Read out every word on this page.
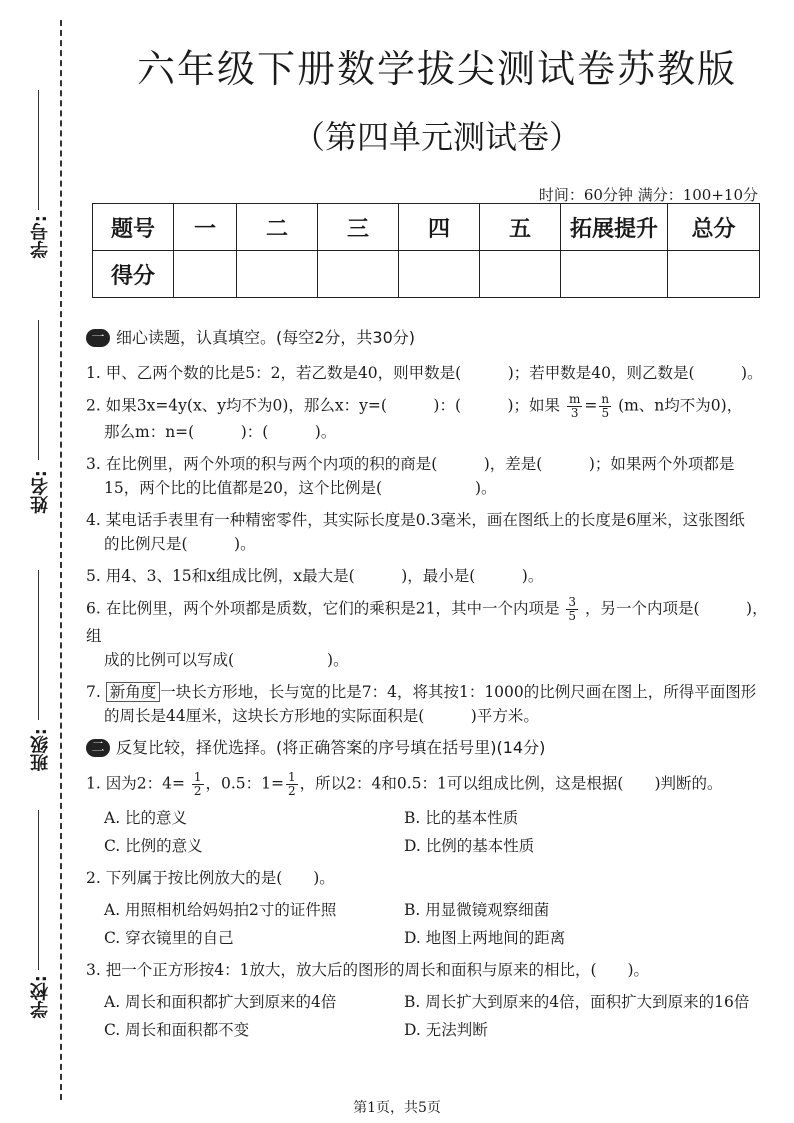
学号:
姓名:
班级:
学校:
六年级下册数学拔尖测试卷苏教版
（第四单元测试卷）
时间：60分钟 满分：100+10分
题号	一	二	三	四	五	拓展提升	总分
得分							
一 细心读题，认真填空。(每空2分，共30分)
1. 甲、乙两个数的比是5：2，若乙数是40，则甲数是(　　　)；若甲数是40，则乙数是(　　　)。
2. 如果3x=4y(x、y均不为0)，那么x：y=(　　　)：(　　　)；如果 $\frac{m}{3} = \frac{n}{5} (m$、n均不为0)，
那么m：n=(　　　)：(　　　)。
3. 在比例里，两个外项的积与两个内项的积的商是(　　　)，差是(　　　)；如果两个外项都是
15，两个比的比值都是20，这个比例是(　　　　　　)。
4. 某电话手表里有一种精密零件，其实际长度是0.3毫米，画在图纸上的长度是6厘米，这张图纸
的比例尺是(　　　)。
5. 用4、3、15和x组成比例，x最大是(　　　)，最小是(　　　)。
6. 在比例里，两个外项都是质数，它们的乘积是21，其中一个内项是 $\frac{3}{5}$ ，另一个内项是(　　　)，组
成的比例可以写成(　　　　　　)。
7. 新角度 一块长方形地，长与宽的比是7：4，将其按1：1000的比例尺画在图上，所得平面图形
的周长是44厘米，这块长方形地的实际面积是(　　　)平方米。
二 反复比较，择优选择。(将正确答案的序号填在括号里)(14分)
1. 因为2：$4= \frac{1}{2}$ ，0.5：$1= \frac{1}{2}$ ，所以2：4和0.5：1可以组成比例，这是根据(　　)判断的。
A. 比的意义	B. 比的基本性质
C. 比例的意义	D. 比例的基本性质
2. 下列属于按比例放大的是(　　)。
A. 用照相机给妈妈拍2寸的证件照	B. 用显微镜观察细菌
C. 穿衣镜里的自己	D. 地图上两地间的距离
3. 把一个正方形按4：1放大，放大后的图形的周长和面积与原来的相比，(　　)。
A. 周长和面积都扩大到原来的4倍	B. 周长扩大到原来的4倍，面积扩大到原来的16倍
C. 周长和面积都不变	D. 无法判断
第1页，共5页
